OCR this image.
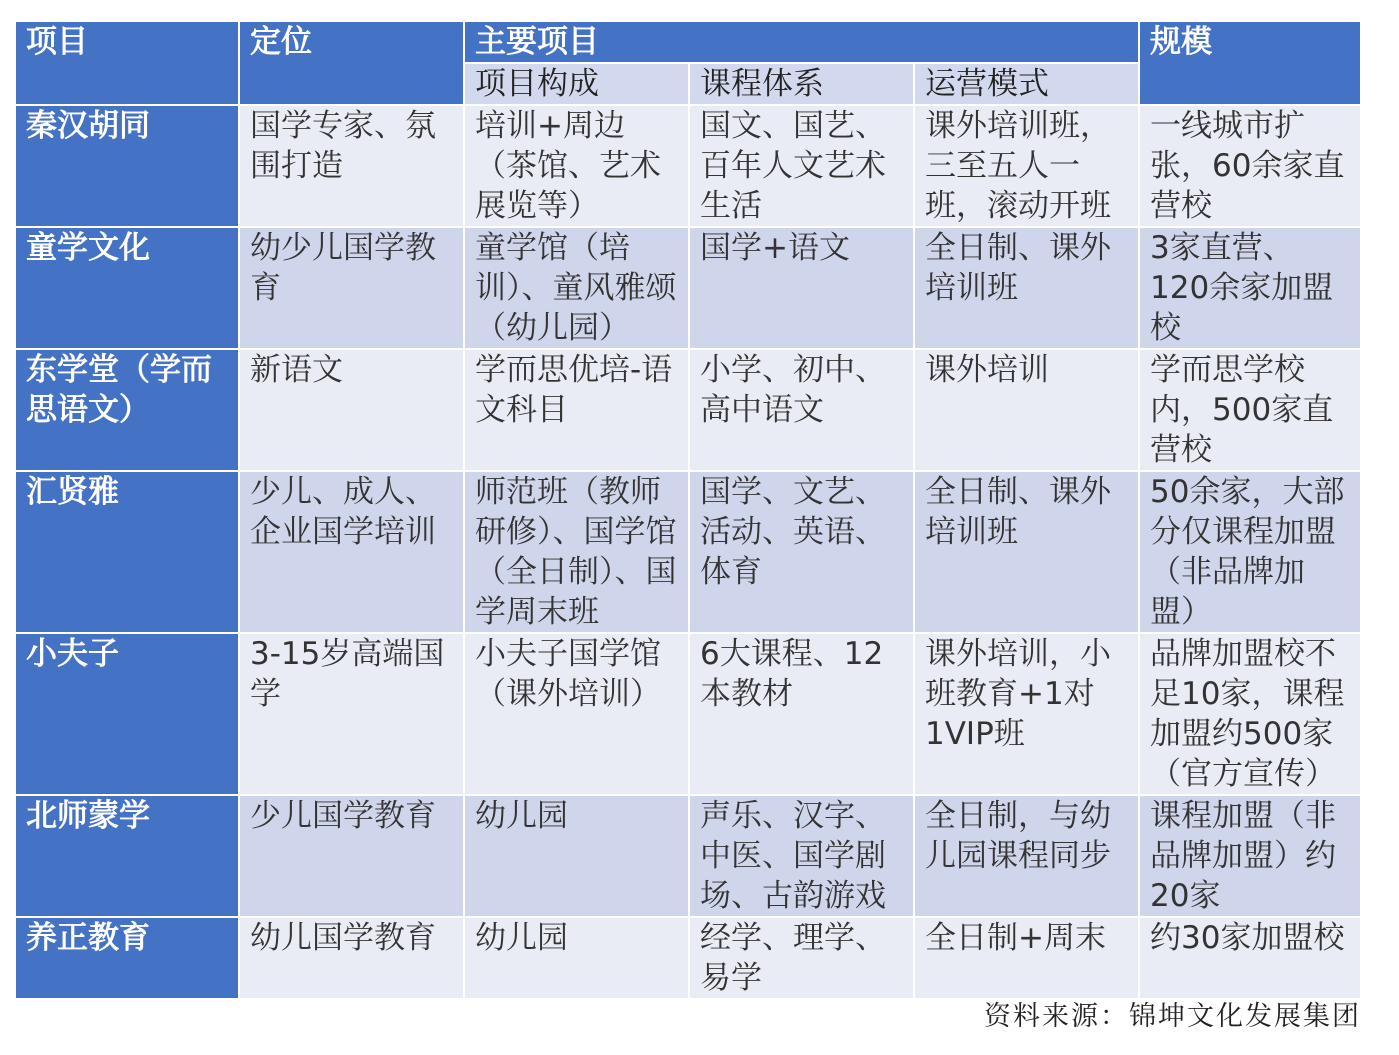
项目	定位	主要项目			规模
		项目构成	课程体系	运营模式	
秦汉胡同	国学专家、氛围打造	培训+周边（茶馆、艺术展览等）	国文、国艺、百年人文艺术生活	课外培训班，三至五人一班，滚动开班	一线城市扩张，60余家直营校
童学文化	幼少儿国学教育	童学馆（培训）、童风雅颂（幼儿园）	国学+语文	全日制、课外培训班	3家直营、120余家加盟校
东学堂（学而思语文）	新语文	学而思优培-语文科目	小学、初中、高中语文	课外培训	学而思学校内，500家直营校
汇贤雅	少儿、成人、企业国学培训	师范班（教师研修）、国学馆（全日制）、国学周末班	国学、文艺、活动、英语、体育	全日制、课外培训班	50余家，大部分仅课程加盟（非品牌加盟）
小夫子	3-15岁高端国学	小夫子国学馆（课外培训）	6大课程、12本教材	课外培训，小班教育+1对1VIP班	品牌加盟校不足10家，课程加盟约500家（官方宣传）
北师蒙学	少儿国学教育	幼儿园	声乐、汉字、中医、国学剧场、古韵游戏	全日制，与幼儿园课程同步	课程加盟（非品牌加盟）约20家
养正教育	幼儿国学教育	幼儿园	经学、理学、易学	全日制+周末	约30家加盟校
资料来源：锦坤文化发展集团
